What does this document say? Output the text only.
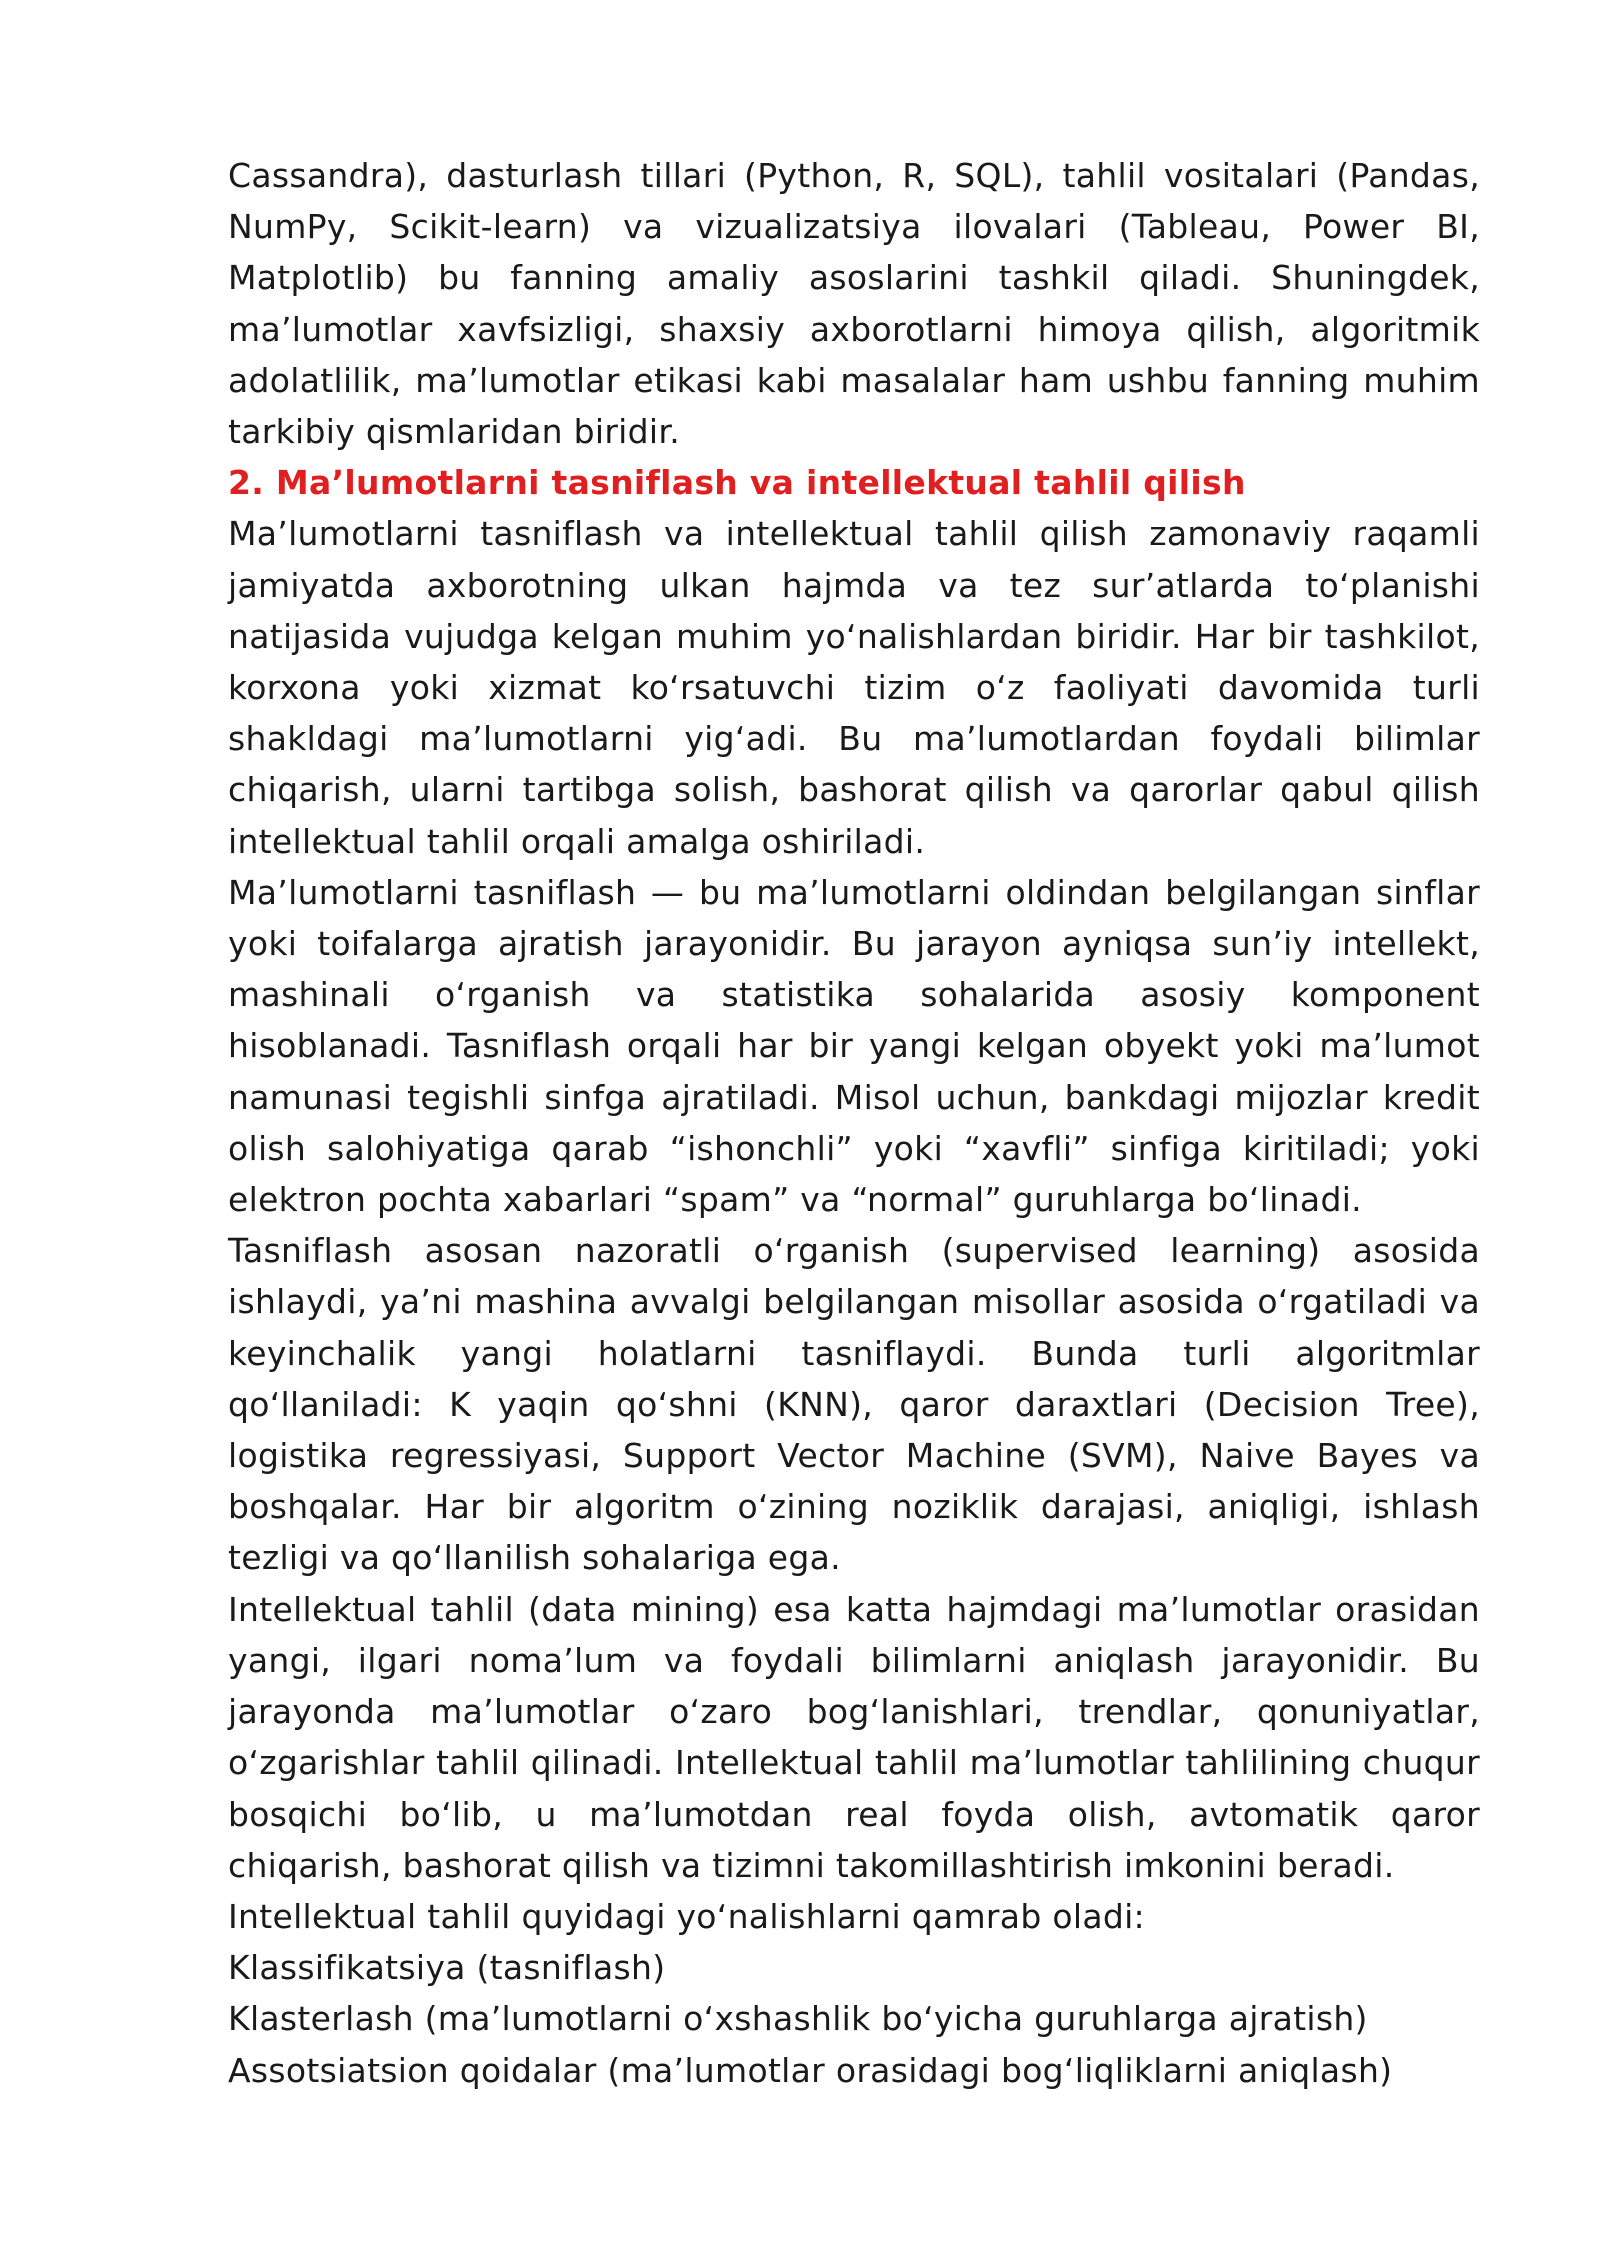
Cassandra), dasturlash tillari (Python, R, SQL), tahlil vositalari (Pandas, NumPy, Scikit-learn) va vizualizatsiya ilovalari (Tableau, Power BI, Matplotlib) bu fanning amaliy asoslarini tashkil qiladi. Shuningdek, maʼlumotlar xavfsizligi, shaxsiy axborotlarni himoya qilish, algoritmik adolatlilik, maʼlumotlar etikasi kabi masalalar ham ushbu fanning muhim tarkibiy qismlaridan biridir.

2. Maʼlumotlarni tasniflash va intellektual tahlil qilish

Maʼlumotlarni tasniflash va intellektual tahlil qilish zamonaviy raqamli jamiyatda axborotning ulkan hajmda va tez surʼatlarda toʻplanishi natijasida vujudga kelgan muhim yoʻnalishlardan biridir. Har bir tashkilot, korxona yoki xizmat koʻrsatuvchi tizim oʻz faoliyati davomida turli shakldagi maʼlumotlarni yigʻadi. Bu maʼlumotlardan foydali bilimlar chiqarish, ularni tartibga solish, bashorat qilish va qarorlar qabul qilish intellektual tahlil orqali amalga oshiriladi.

Maʼlumotlarni tasniflash — bu maʼlumotlarni oldindan belgilangan sinflar yoki toifalarga ajratish jarayonidir. Bu jarayon ayniqsa sunʼiy intellekt, mashinali oʻrganish va statistika sohalarida asosiy komponent hisoblanadi. Tasniflash orqali har bir yangi kelgan obyekt yoki maʼlumot namunasi tegishli sinfga ajratiladi. Misol uchun, bankdagi mijozlar kredit olish salohiyatiga qarab “ishonchli” yoki “xavfli” sinfiga kiritiladi; yoki elektron pochta xabarlari “spam” va “normal” guruhlarga boʻlinadi.

Tasniflash asosan nazoratli oʻrganish (supervised learning) asosida ishlaydi, yaʼni mashina avvalgi belgilangan misollar asosida oʻrgatiladi va keyinchalik yangi holatlarni tasniflaydi. Bunda turli algoritmlar qoʻllaniladi: K yaqin qoʻshni (KNN), qaror daraxtlari (Decision Tree), logistika regressiyasi, Support Vector Machine (SVM), Naive Bayes va boshqalar. Har bir algoritm oʻzining noziklik darajasi, aniqligi, ishlash tezligi va qoʻllanilish sohalariga ega.

Intellektual tahlil (data mining) esa katta hajmdagi maʼlumotlar orasidan yangi, ilgari nomaʼlum va foydali bilimlarni aniqlash jarayonidir. Bu jarayonda maʼlumotlar oʻzaro bogʻlanishlari, trendlar, qonuniyatlar, oʻzgarishlar tahlil qilinadi. Intellektual tahlil maʼlumotlar tahlilining chuqur bosqichi boʻlib, u maʼlumotdan real foyda olish, avtomatik qaror chiqarish, bashorat qilish va tizimni takomillashtirish imkonini beradi.

Intellektual tahlil quyidagi yoʻnalishlarni qamrab oladi:

Klassifikatsiya (tasniflash)

Klasterlash (maʼlumotlarni oʻxshashlik boʻyicha guruhlarga ajratish)

Assotsiatsion qoidalar (maʼlumotlar orasidagi bogʻliqliklarni aniqlash)
